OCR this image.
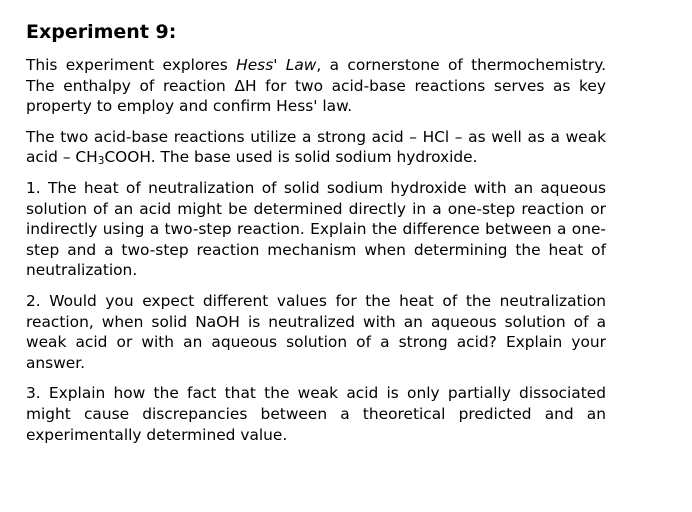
Experiment 9:

This experiment explores Hess' Law, a cornerstone of thermochemistry. The enthalpy of reaction ΔH for two acid-base reactions serves as key property to employ and confirm Hess' law.

The two acid-base reactions utilize a strong acid – HCl – as well as a weak acid – $CH_3COOH$. The base used is solid sodium hydroxide.

1. The heat of neutralization of solid sodium hydroxide with an aqueous solution of an acid might be determined directly in a one-step reaction or indirectly using a two-step reaction. Explain the difference between a one-step and a two-step reaction mechanism when determining the heat of neutralization.

2. Would you expect different values for the heat of the neutralization reaction, when solid NaOH is neutralized with an aqueous solution of a weak acid or with an aqueous solution of a strong acid? Explain your answer.

3. Explain how the fact that the weak acid is only partially dissociated might cause discrepancies between a theoretical predicted and an experimentally determined value.
